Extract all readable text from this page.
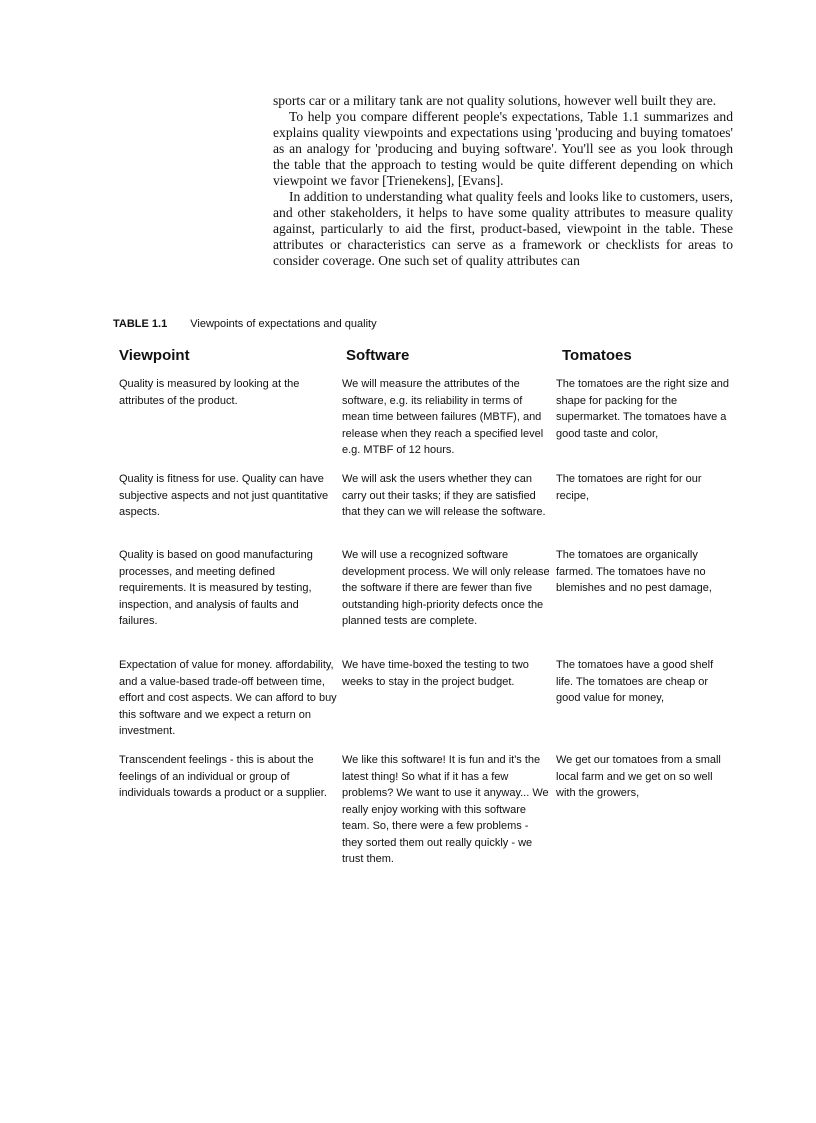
sports car or a military tank are not quality solutions, however well built they are.

To help you compare different people's expectations, Table 1.1 summarizes and explains quality viewpoints and expectations using 'producing and buying tomatoes' as an analogy for 'producing and buying software'. You'll see as you look through the table that the approach to testing would be quite different depending on which viewpoint we favor [Trienekens], [Evans].

In addition to understanding what quality feels and looks like to customers, users, and other stakeholders, it helps to have some quality attributes to measure quality against, particularly to aid the first, product-based, viewpoint in the table. These attributes or characteristics can serve as a framework or checklists for areas to consider coverage. One such set of quality attributes can

TABLE 1.1 Viewpoints of expectations and quality
Viewpoint	Software	Tomatoes
Quality is measured by looking at the attributes of the product.
We will measure the attributes of the software, e.g. its reliability in terms of mean time between failures (MBTF), and release when they reach a specified level e.g. MTBF of 12 hours.
The tomatoes are the right size and shape for packing for the supermarket. The tomatoes have a good taste and color,
Quality is fitness for use. Quality can have subjective aspects and not just quantitative aspects.
We will ask the users whether they can carry out their tasks; if they are satisfied that they can we will release the software.
The tomatoes are right for our recipe,
Quality is based on good manufacturing processes, and meeting defined requirements. It is measured by testing, inspection, and analysis of faults and failures.
We will use a recognized software development process. We will only release the software if there are fewer than five outstanding high-priority defects once the planned tests are complete.
The tomatoes are organically farmed. The tomatoes have no blemishes and no pest damage,
Expectation of value for money. affordability, and a value-based trade-off between time, effort and cost aspects. We can afford to buy this software and we expect a return on investment.
We have time-boxed the testing to two weeks to stay in the project budget.
The tomatoes have a good shelf life. The tomatoes are cheap or good value for money,
Transcendent feelings - this is about the feelings of an individual or group of individuals towards a product or a supplier.
We like this software! It is fun and it's the latest thing! So what if it has a few problems? We want to use it anyway... We really enjoy working with this software team. So, there were a few problems - they sorted them out really quickly - we trust them.
We get our tomatoes from a small local farm and we get on so well with the growers,
